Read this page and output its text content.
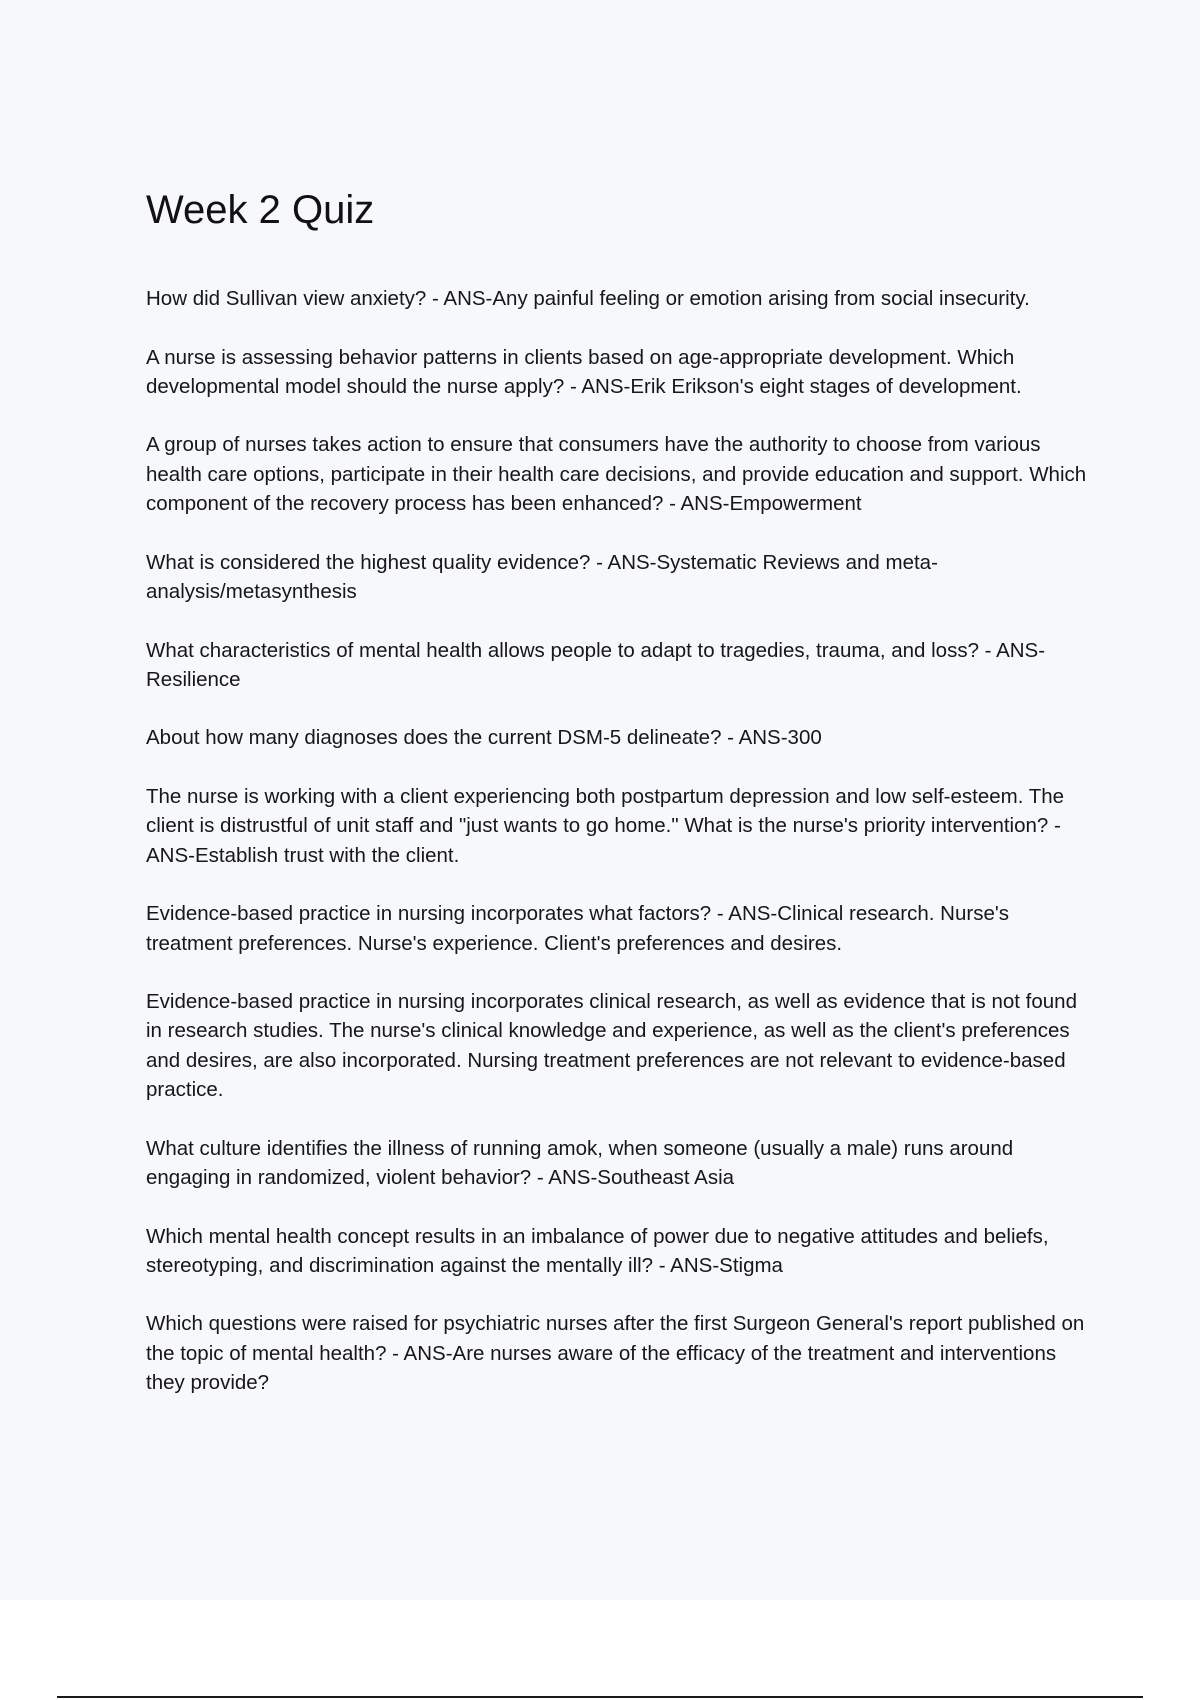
Week 2 Quiz
How did Sullivan view anxiety? - ANS-Any painful feeling or emotion arising from social insecurity.
A nurse is assessing behavior patterns in clients based on age-appropriate development. Which developmental model should the nurse apply? - ANS-Erik Erikson's eight stages of development.
A group of nurses takes action to ensure that consumers have the authority to choose from various health care options, participate in their health care decisions, and provide education and support. Which component of the recovery process has been enhanced? - ANS-Empowerment
What is considered the highest quality evidence? - ANS-Systematic Reviews and meta-analysis/metasynthesis
What characteristics of mental health allows people to adapt to tragedies, trauma, and loss? - ANS-Resilience
About how many diagnoses does the current DSM-5 delineate? - ANS-300
The nurse is working with a client experiencing both postpartum depression and low self-esteem. The client is distrustful of unit staff and "just wants to go home." What is the nurse's priority intervention? - ANS-Establish trust with the client.
Evidence-based practice in nursing incorporates what factors? - ANS-Clinical research. Nurse's treatment preferences. Nurse's experience. Client's preferences and desires.
Evidence-based practice in nursing incorporates clinical research, as well as evidence that is not found in research studies. The nurse's clinical knowledge and experience, as well as the client's preferences and desires, are also incorporated. Nursing treatment preferences are not relevant to evidence-based practice.
What culture identifies the illness of running amok, when someone (usually a male) runs around engaging in randomized, violent behavior? - ANS-Southeast Asia
Which mental health concept results in an imbalance of power due to negative attitudes and beliefs, stereotyping, and discrimination against the mentally ill? - ANS-Stigma
Which questions were raised for psychiatric nurses after the first Surgeon General's report published on the topic of mental health? - ANS-Are nurses aware of the efficacy of the treatment and interventions they provide?
